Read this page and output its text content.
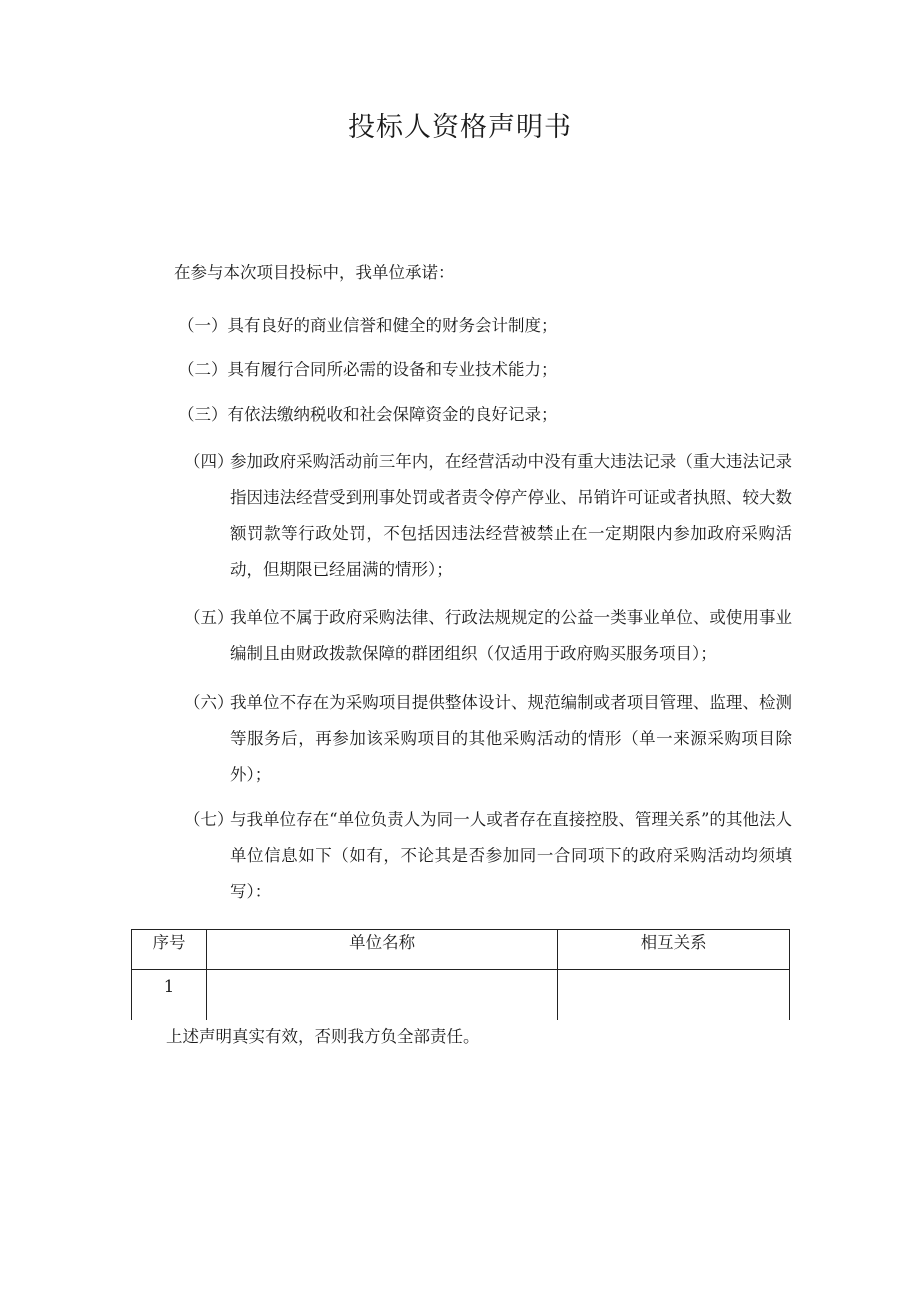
投标人资格声明书
在参与本次项目投标中，我单位承诺：
（一） 具有良好的商业信誉和健全的财务会计制度；
（二） 具有履行合同所必需的设备和专业技术能力；
（三） 有依法缴纳税收和社会保障资金的良好记录；
（四）
参加政府采购活动前三年内，在经营活动中没有重大违法记录（重大违法记录指因违法经营受到刑事处罚或者责令停产停业、吊销许可证或者执照、较大数额罚款等行政处罚，不包括因违法经营被禁止在一定期限内参加政府采购活动，但期限已经届满的情形）；
（五）
我单位不属于政府采购法律、行政法规规定的公益一类事业单位、或使用事业编制且由财政拨款保障的群团组织（仅适用于政府购买服务项目）；
（六）
我单位不存在为采购项目提供整体设计、规范编制或者项目管理、监理、检测等服务后，再参加该采购项目的其他采购活动的情形（单一来源采购项目除外）；
（七）
与我单位存在“单位负责人为同一人或者存在直接控股、管理关系”的其他法人单位信息如下（如有，不论其是否参加同一合同项下的政府采购活动均须填写）：
序号	单位名称	相互关系
1		
上述声明真实有效，否则我方负全部责任。
